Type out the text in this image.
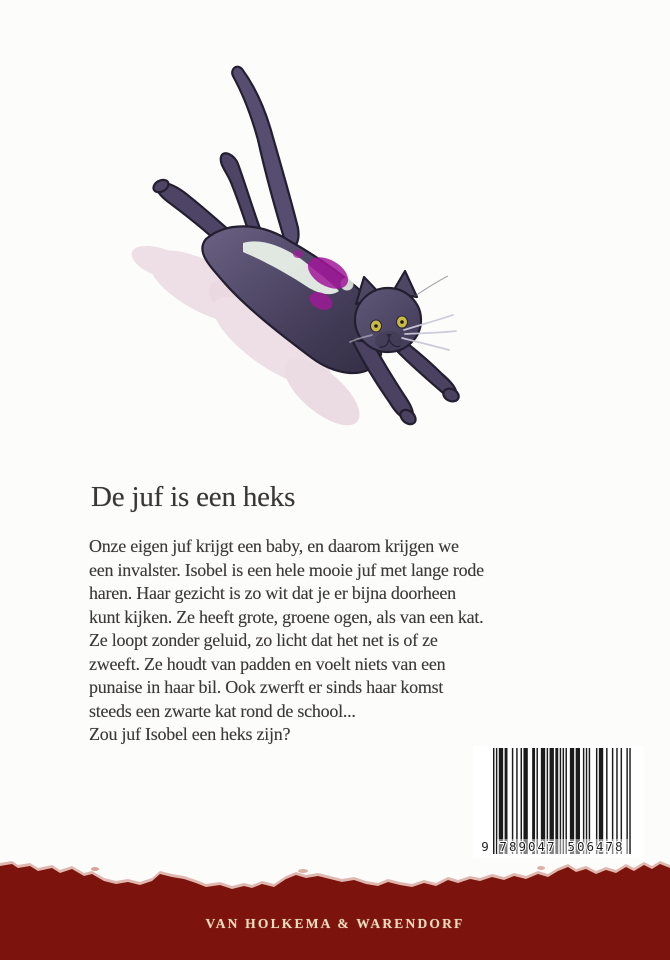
De juf is een heks
Onze eigen juf krijgt een baby, en daarom krijgen we
een invalster. Isobel is een hele mooie juf met lange rode
haren. Haar gezicht is zo wit dat je er bijna doorheen
kunt kijken. Ze heeft grote, groene ogen, als van een kat.
Ze loopt zonder geluid, zo licht dat het net is of ze
zweeft. Ze houdt van padden en voelt niets van een
punaise in haar bil. Ook zwerft er sinds haar komst
steeds een zwarte kat rond de school...
Zou juf Isobel een heks zijn?
9 789047 506478
VAN HOLKEMA & WARENDORF
